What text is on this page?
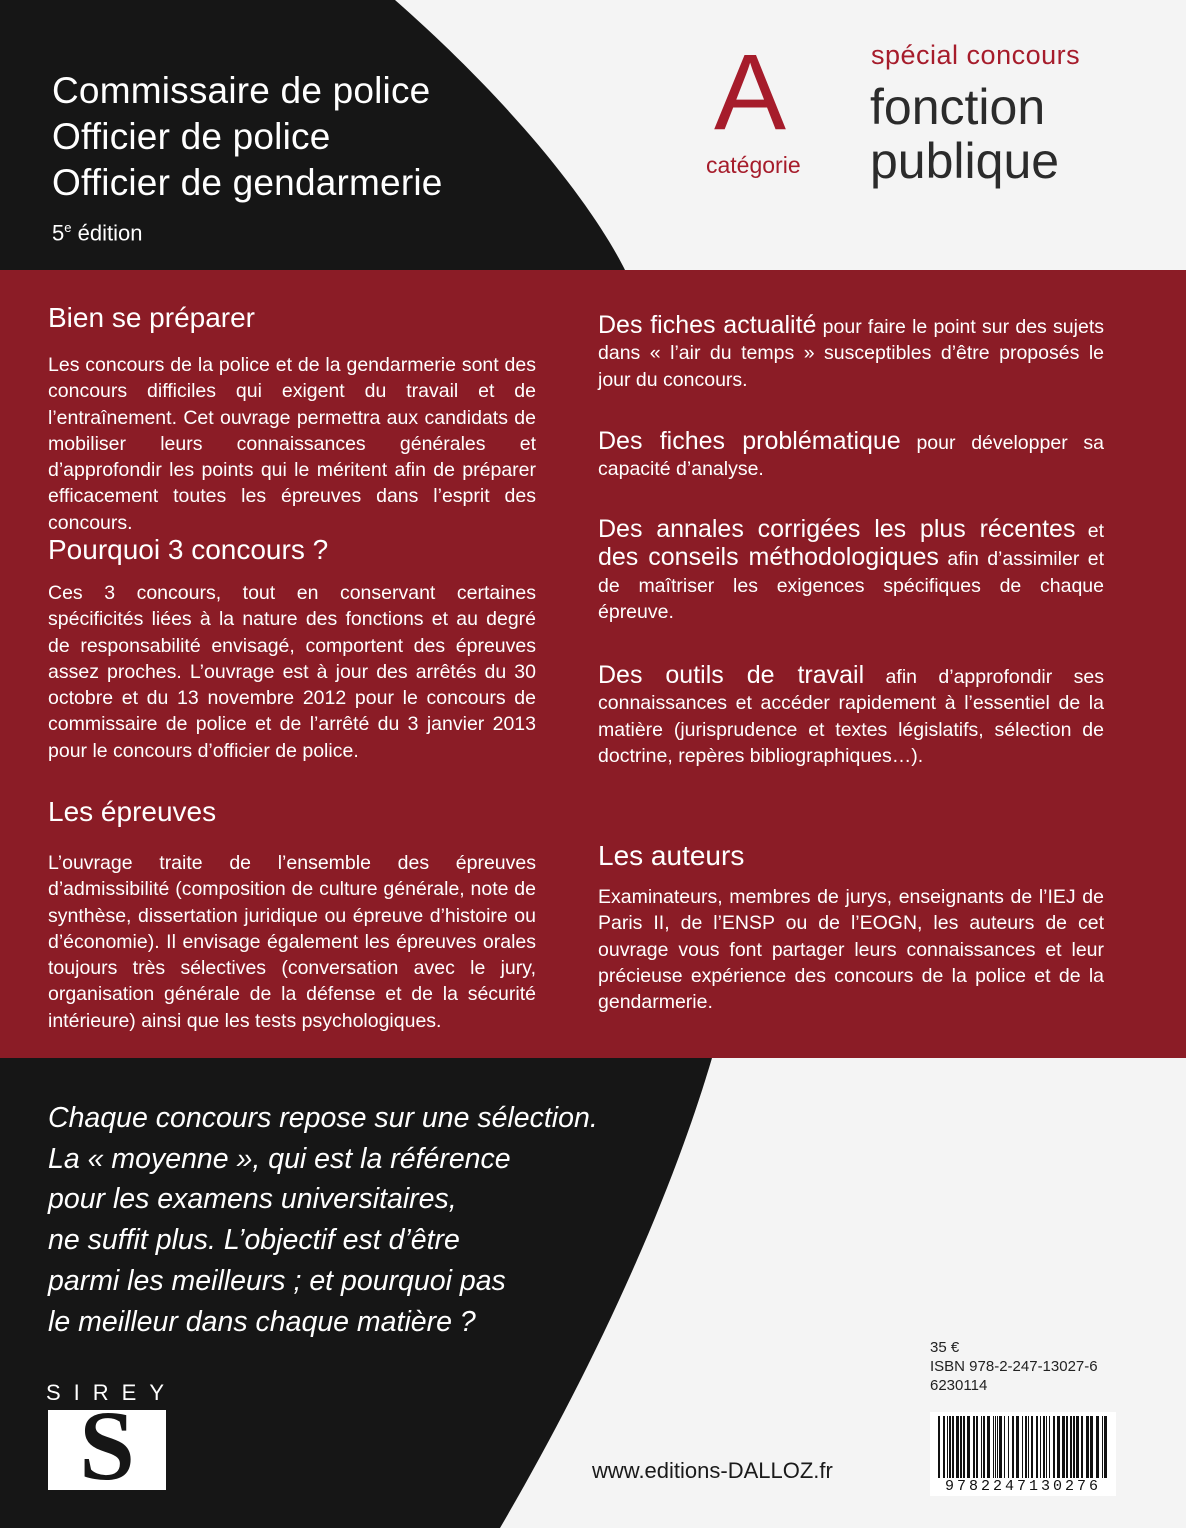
Commissaire de police
Officier de police
Officier de gendarmerie
5e édition
A
catégorie
spécial concours
fonction
publique
Bien se préparer
Les concours de la police et de la gendarmerie sont des concours difficiles qui exigent du travail et de l’entraînement. Cet ouvrage permettra aux candidats de mobiliser leurs connaissances générales et d’approfondir les points qui le méritent afin de préparer efficacement toutes les épreuves dans l’esprit des concours.
Pourquoi 3 concours ?
Ces 3 concours, tout en conservant certaines spécificités liées à la nature des fonctions et au degré de responsabilité envisagé, comportent des épreuves assez proches. L’ouvrage est à jour des arrêtés du 30 octobre et du 13 novembre 2012 pour le concours de commissaire de police et de l’arrêté du 3 janvier 2013 pour le concours d’officier de police.
Les épreuves
L’ouvrage traite de l’ensemble des épreuves d’admissibilité (composition de culture générale, note de synthèse, dissertation juridique ou épreuve d’histoire ou d’économie). Il envisage également les épreuves orales toujours très sélectives (conversation avec le jury, organisation générale de la défense et de la sécurité intérieure) ainsi que les tests psychologiques.
Des fiches actualité pour faire le point sur des sujets dans « l’air du temps » susceptibles d’être proposés le jour du concours.
Des fiches problématique pour développer sa capacité d’analyse.
Des annales corrigées les plus récentes et des conseils méthodologiques afin d’assimiler et de maîtriser les exigences spécifiques de chaque épreuve.
Des outils de travail afin d’approfondir ses connaissances et accéder rapidement à l’essentiel de la matière (jurisprudence et textes législatifs, sélection de doctrine, repères bibliographiques…).
Les auteurs
Examinateurs, membres de jurys, enseignants de l’IEJ de Paris II, de l’ENSP ou de l’EOGN, les auteurs de cet ouvrage vous font partager leurs connaissances et leur précieuse expérience des concours de la police et de la gendarmerie.
Chaque concours repose sur une sélection.
La « moyenne », qui est la référence
pour les examens universitaires,
ne suffit plus. L’objectif est d’être
parmi les meilleurs ; et pourquoi pas
le meilleur dans chaque matière ?
SIREY
S	www.editions-DALLOZ.fr
35 €
ISBN 978-2-247-13027-6
6230114
9782247130276
